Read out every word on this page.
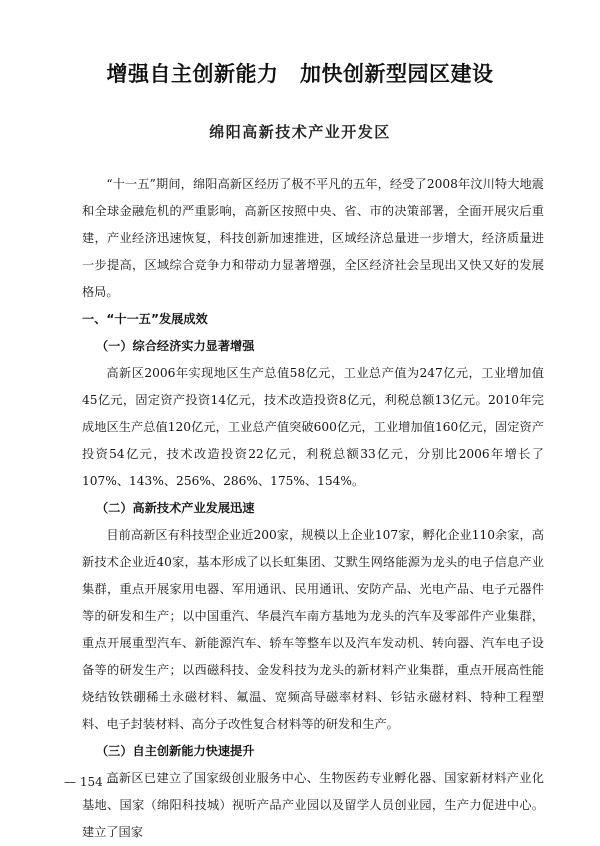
增强自主创新能力　加快创新型园区建设
绵阳高新技术产业开发区

“十一五”期间，绵阳高新区经历了极不平凡的五年，经受了2008年汶川特大地震和全球金融危机的严重影响，高新区按照中央、省、市的决策部署，全面开展灾后重建，产业经济迅速恢复，科技创新加速推进，区域经济总量进一步增大，经济质量进一步提高，区域综合竞争力和带动力显著增强，全区经济社会呈现出又快又好的发展格局。

一、“十一五”发展成效

（一）综合经济实力显著增强

高新区2006年实现地区生产总值58亿元，工业总产值为247亿元，工业增加值45亿元，固定资产投资14亿元，技术改造投资8亿元，利税总额13亿元。2010年完成地区生产总值120亿元，工业总产值突破600亿元，工业增加值160亿元，固定资产投资54亿元，技术改造投资22亿元，利税总额33亿元，分别比2006年增长了107%、143%、256%、286%、175%、154%。

（二）高新技术产业发展迅速

目前高新区有科技型企业近200家，规模以上企业107家，孵化企业110余家，高新技术企业近40家，基本形成了以长虹集团、艾默生网络能源为龙头的电子信息产业集群，重点开展家用电器、军用通讯、民用通讯、安防产品、光电产品、电子元器件等的研发和生产；以中国重汽、华晨汽车南方基地为龙头的汽车及零部件产业集群，重点开展重型汽车、新能源汽车、轿车等整车以及汽车发动机、转向器、汽车电子设备等的研发生产；以西磁科技、金发科技为龙头的新材料产业集群，重点开展高性能烧结钕铁硼稀土永磁材料、氟温、宽频高导磁率材料、钐钴永磁材料、特种工程塑料、电子封装材料、高分子改性复合材料等的研发和生产。

（三）自主创新能力快速提升

高新区已建立了国家级创业服务中心、生物医药专业孵化器、国家新材料产业化基地、国家（绵阳科技城）视听产品产业园以及留学人员创业园，生产力促进中心。建立了国家

— 154 —
